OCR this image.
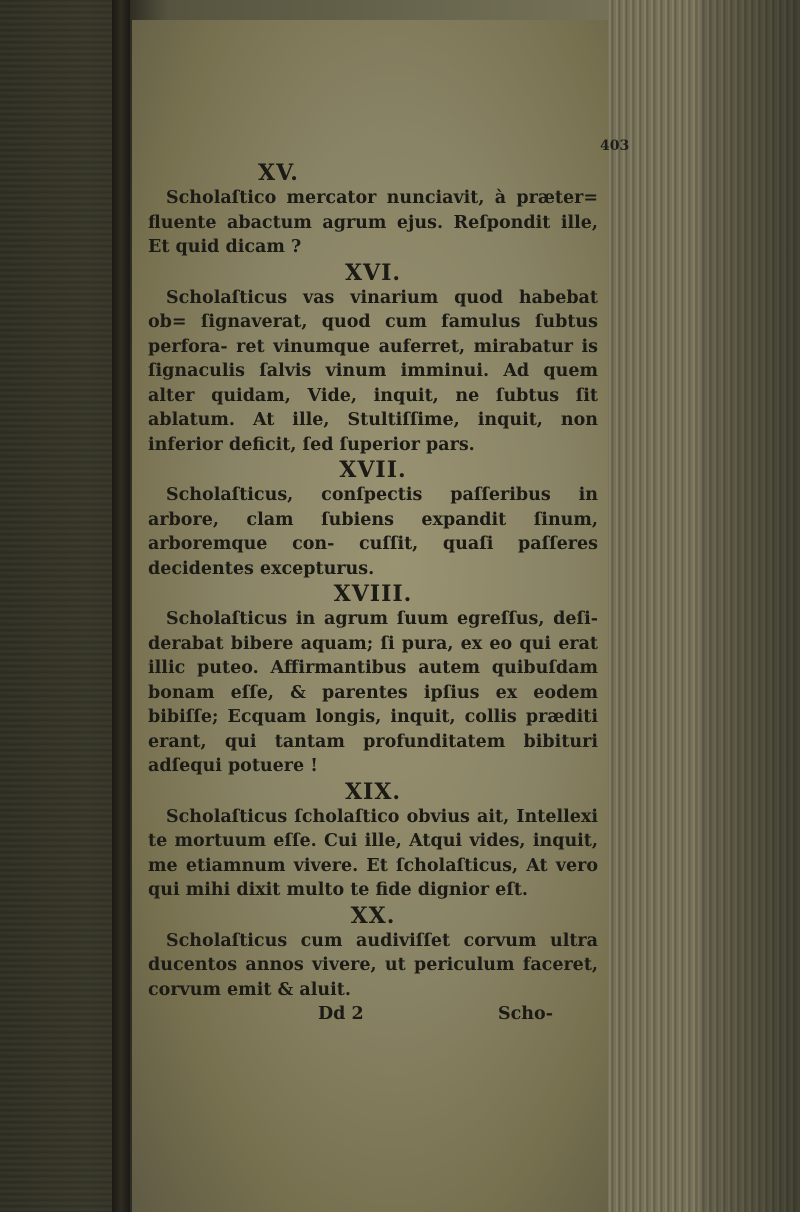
403
XV.

Scholaſtico mercator nunciavit, à præter= fluente abactum agrum ejus. Reſpondit ille, Et quid dicam ?

XVI.

Scholaſticus vas vinarium quod habebat ob= ſignaverat, quod cum famulus ſubtus perfora- ret vinumque auferret, mirabatur is ſignaculis ſalvis vinum imminui. Ad quem alter quidam, Vide, inquit, ne ſubtus ſit ablatum. At ille, Stultiſſime, inquit, non inferior deficit, ſed ſuperior pars.

XVII.

Scholaſticus, conſpectis paſſeribus in arbore, clam ſubiens expandit ſinum, arboremque con- cuſſit, quaſi paſſeres decidentes excepturus.

XVIII.

Scholaſticus in agrum ſuum egreſſus, deſi- derabat bibere aquam; ſi pura, ex eo qui erat illic puteo. Affirmantibus autem quibuſdam bonam eſſe, & parentes ipſius ex eodem bibiſſe; Ecquam longis, inquit, collis præditi erant, qui tantam profunditatem bibituri adſequi potuere !

XIX.

Scholaſticus ſcholaſtico obvius ait, Intellexi te mortuum eſſe. Cui ille, Atqui vides, inquit, me etiamnum vivere. Et ſcholaſticus, At vero qui mihi dixit multo te fide dignior eſt.

XX.

Scholaſticus cum audiviſſet corvum ultra ducentos annos vivere, ut periculum faceret, corvum emit & aluit.

Dd 2	Scho-
